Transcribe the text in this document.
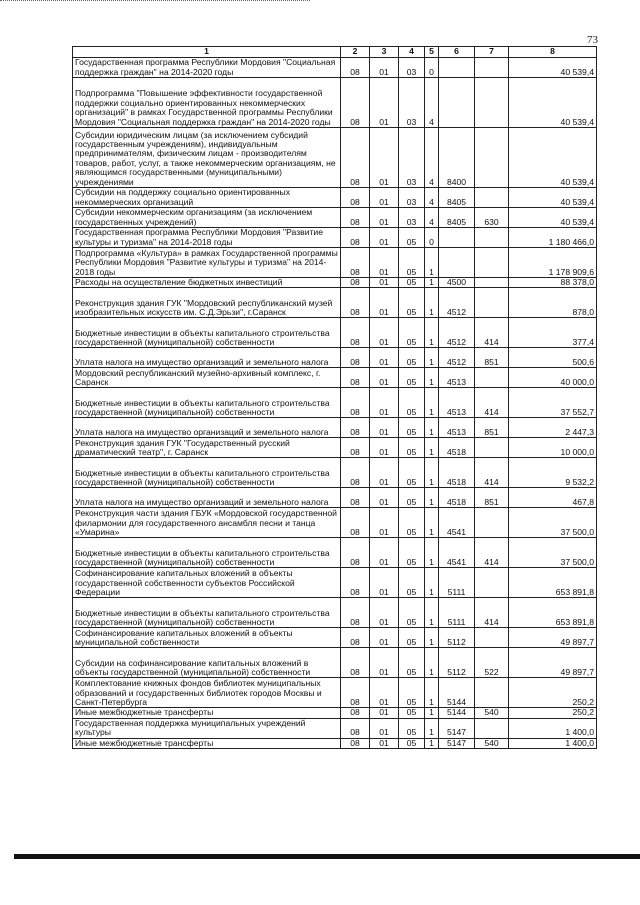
73
1	2	3	4	5	6	7	8
Государственная программа Республики Мордовия "Социальная поддержка граждан" на 2014-2020 годы	08	01	03	0			40 539,4
Подпрограмма "Повышение эффективности государственной поддержки социально ориентированных некоммерческих организаций" в рамках Государственной программы Республики Мордовия "Социальная поддержка граждан" на 2014-2020 годы	08	01	03	4			40 539,4
Субсидии юридическим лицам (за исключением субсидий государственным учреждениям), индивидуальным предпринимателям, физическим лицам - производителям товаров, работ, услуг, а также некоммерческим организациям, не являющимся государственными (муниципальными) учреждениями	08	01	03	4	8400		40 539,4
Субсидии на поддержку социально ориентированных некоммерческих организаций	08	01	03	4	8405		40 539,4
Субсидии некоммерческим организациям (за исключением государственных учреждений)	08	01	03	4	8405	630	40 539,4
Государственная программа Республики Мордовия "Развитие культуры и туризма" на 2014-2018 годы	08	01	05	0			1 180 466,0
Подпрограмма «Культура» в рамках Государственной программы Республики Мордовия "Развитие культуры и туризма" на 2014-2018 годы	08	01	05	1			1 178 909,6
Расходы на осуществление бюджетных инвестиций	08	01	05	1	4500		88 378,0
Реконструкция здания ГУК "Мордовский республиканский музей изобразительных искусств им. С.Д.Эрьзи", г.Саранск	08	01	05	1	4512		878,0
Бюджетные инвестиции в объекты капитального строительства государственной (муниципальной) собственности	08	01	05	1	4512	414	377,4
Уплата налога на имущество организаций и земельного налога	08	01	05	1	4512	851	500,6
Мордовский республиканский музейно-архивный комплекс, г. Саранск	08	01	05	1	4513		40 000,0
Бюджетные инвестиции в объекты капитального строительства государственной (муниципальной) собственности	08	01	05	1	4513	414	37 552,7
Уплата налога на имущество организаций и земельного налога	08	01	05	1	4513	851	2 447,3
Реконструкция здания ГУК "Государственный русский драматический театр", г. Саранск	08	01	05	1	4518		10 000,0
Бюджетные инвестиции в объекты капитального строительства государственной (муниципальной) собственности	08	01	05	1	4518	414	9 532,2
Уплата налога на имущество организаций и земельного налога	08	01	05	1	4518	851	467,8
Реконструкция части здания ГБУК «Мордовской государственной филармонии для государственного ансамбля песни и танца «Умарина»	08	01	05	1	4541		37 500,0
Бюджетные инвестиции в объекты капитального строительства государственной (муниципальной) собственности	08	01	05	1	4541	414	37 500,0
Софинансирование капитальных вложений в объекты государственной собственности субъектов Российской Федерации	08	01	05	1	5111		653 891,8
Бюджетные инвестиции в объекты капитального строительства государственной (муниципальной) собственности	08	01	05	1	5111	414	653 891,8
Софинансирование капитальных вложений в объекты муниципальной собственности	08	01	05	1	5112		49 897,7
Субсидии на софинансирование капитальных вложений в объекты государственной (муниципальной) собственности	08	01	05	1	5112	522	49 897,7
Комплектование книжных фондов библиотек муниципальных образований и государственных библиотек городов Москвы и Санкт-Петербурга	08	01	05	1	5144		250,2
Иные межбюджетные трансферты	08	01	05	1	5144	540	250,2
Государственная поддержка муниципальных учреждений культуры	08	01	05	1	5147		1 400,0
Иные межбюджетные трансферты	08	01	05	1	5147	540	1 400,0
